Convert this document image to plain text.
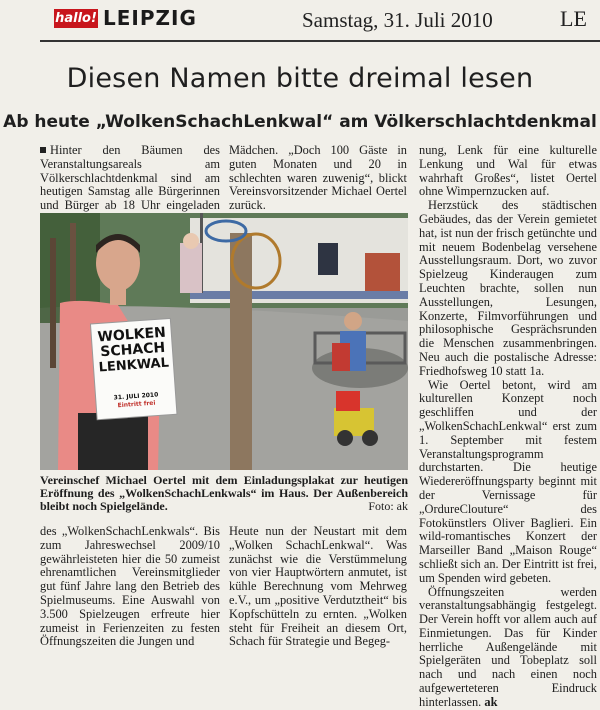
hallo! LEIPZIG	Samstag, 31. Juli 2010	LE
Diesen Namen bitte dreimal lesen
Ab heute „WolkenSchachLenkwal“ am Völkerschlachtdenkmal

Hinter den Bäumen des Veranstaltungsareals am Völkerschlachtdenkmal sind am heutigen Samstag alle Bürgerinnen und Bürger ab 18 Uhr eingeladen

Mädchen. „Doch 100 Gäste in guten Monaten und 20 in schlechten waren zuwenig“, blickt Vereinsvorsitzender Michael Oertel zurück.

nung, Lenk für eine kulturelle Lenkung und Wal für etwas wahrhaft Großes“, listet Oertel ohne Wimpernzucken auf.

Herzstück des städtischen Gebäudes, das der Verein gemietet hat, ist nun der frisch getünchte und mit neuem Bodenbelag versehene Ausstellungsraum. Dort, wo zuvor Spielzeug Kinderaugen zum Leuchten brachte, sollen nun Ausstellungen, Lesungen, Konzerte, Filmvorführungen und philosophische Gesprächsrunden die Menschen zusammenbringen. Neu auch die postalische Adresse: Friedhofsweg 10 statt 1a.

Wie Oertel betont, wird am kulturellen Konzept noch geschliffen und der „WolkenSchachLenkwal“ erst zum 1. September mit festem Veranstaltungsprogramm durchstarten. Die heutige Wiedereröffnungsparty beginnt mit der Vernissage für „OrdureClouture“ des Fotokünstlers Oliver Baglieri. Ein wild-romantisches Konzert der Marseiller Band „Maison Rouge“ schließt sich an. Der Eintritt ist frei, um Spenden wird gebeten.

Öffnungszeiten werden veranstaltungsabhängig festgelegt. Der Verein hofft vor allem auch auf Einmietungen. Das für Kinder herrliche Außengelände mit Spielgeräten und Tobeplatz soll nach und nach einen noch aufgewerteteren Eindruck hinterlassen. ak

WOLKEN
SCHACH
LENKWAL
31. JULI 2010
Eintritt frei
Vereinschef Michael Oertel mit dem Einladungsplakat zur heutigen Eröffnung des „WolkenSchachLenkwals“ im Haus. Der Außenbereich bleibt noch Spielgelände.	Foto: ak

des „WolkenSchachLenkwals“. Bis zum Jahreswechsel 2009/10 gewährleisteten hier die 50 zumeist ehrenamtlichen Vereinsmitglieder gut fünf Jahre lang den Betrieb des Spielmuseums. Eine Auswahl von 3.500 Spielzeugen erfreute hier zumeist in Ferienzeiten zu festen Öffnungszeiten die Jungen und

Heute nun der Neustart mit dem „Wolken SchachLenkwal“. Was zunächst wie die Verstümmelung von vier Hauptwörtern anmutet, ist kühle Berechnung vom Mehrweg e.V., um „positive Verdutztheit“ bis Kopfschütteln zu ernten. „Wolken steht für Freiheit an diesem Ort, Schach für Strategie und Begeg-
